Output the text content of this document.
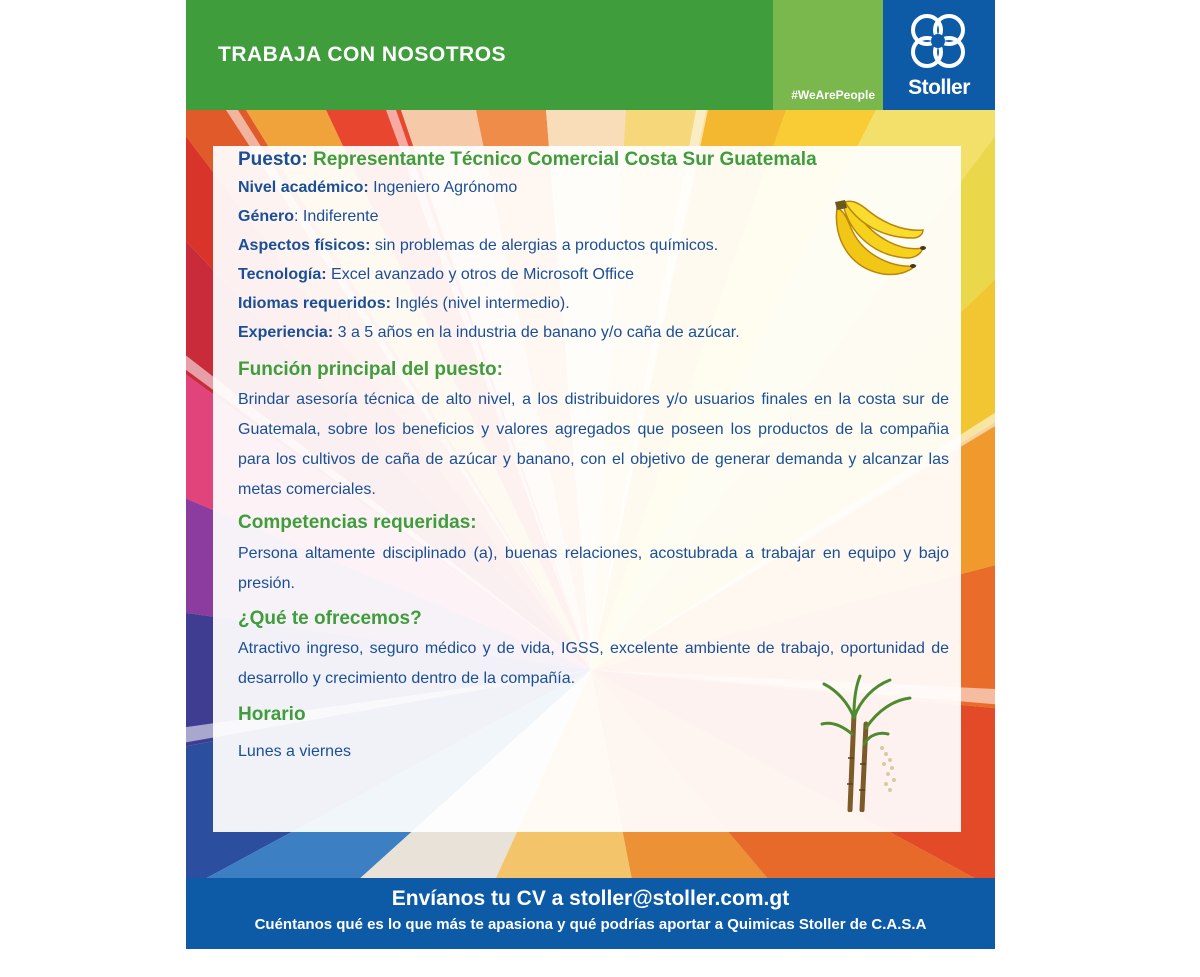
TRABAJA CON NOSOTROS
#WeArePeople	Stoller
Puesto: Representante Técnico Comercial Costa Sur Guatemala
Nivel académico: Ingeniero Agrónomo
Género: Indiferente
Aspectos físicos: sin problemas de alergias a productos químicos.
Tecnología: Excel avanzado y otros de Microsoft Office
Idiomas requeridos: Inglés (nivel intermedio).
Experiencia: 3 a 5 años en la industria de banano y/o caña de azúcar.
Función principal del puesto:
Brindar asesoría técnica de alto nivel, a los distribuidores y/o usuarios finales en la costa sur de Guatemala, sobre los beneficios y valores agregados que poseen los productos de la compañia para los cultivos de caña de azúcar y banano, con el objetivo de generar demanda y alcanzar las metas comerciales.
Competencias requeridas:
Persona altamente disciplinado (a), buenas relaciones, acostubrada a trabajar en equipo y bajo presión.
¿Qué te ofrecemos?
Atractivo ingreso, seguro médico y de vida, IGSS, excelente ambiente de trabajo, oportunidad de desarrollo y crecimiento dentro de la compañía.
Horario
Lunes a viernes
Envíanos tu CV a stoller@stoller.com.gt
Cuéntanos qué es lo que más te apasiona y qué podrías aportar a Quimicas Stoller de C.A.S.A
